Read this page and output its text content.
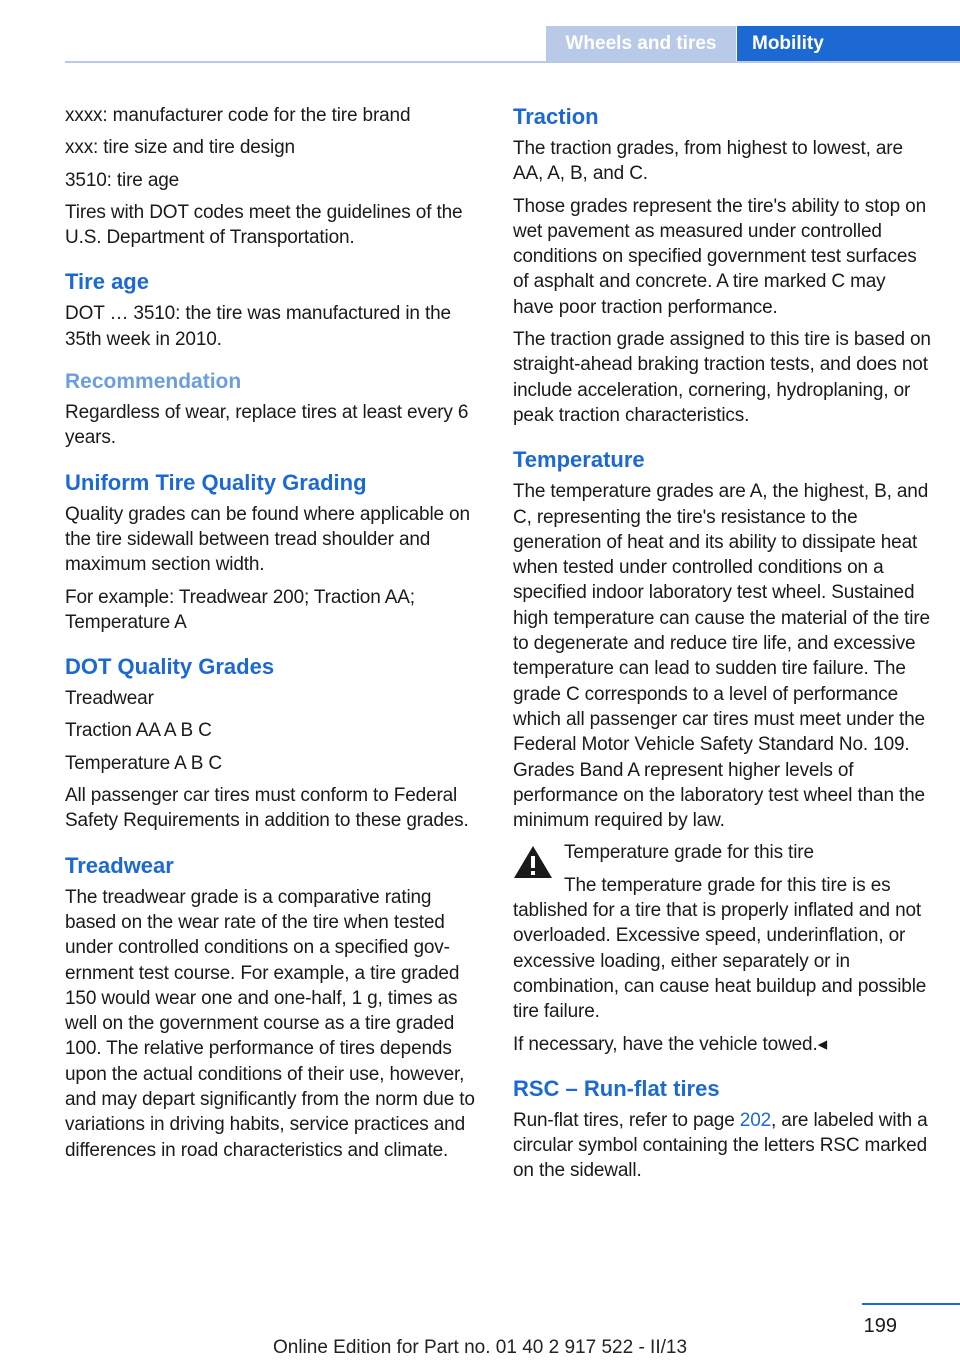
Wheels and tires	Mobility

xxxx: manufacturer code for the tire brand

xxx: tire size and tire design

3510: tire age

Tires with DOT codes meet the guidelines of the U.S. Department of Transportation.

Tire age

DOT … 3510: the tire was manufactured in the 35th week in 2010.

Recommendation

Regardless of wear, replace tires at least every 6 years.

Uniform Tire Quality Grading

Quality grades can be found where applicable on the tire sidewall between tread shoulder and maximum section width.

For example: Treadwear 200; Traction AA; Temperature A

DOT Quality Grades

Treadwear

Traction AA A B C

Temperature A B C

All passenger car tires must conform to Federal Safety Requirements in addition to these grades.

Treadwear

The treadwear grade is a comparative rating based on the wear rate of the tire when tested under controlled conditions on a specified government test course. For example, a tire graded 150 would wear one and one-half, 1 g, times as well on the government course as a tire graded 100. The relative performance of tires depends upon the actual conditions of their use, however, and may depart significantly from the norm due to variations in driving habits, service practices and differences in road characteristics and climate.

Traction

The traction grades, from highest to lowest, are AA, A, B, and C.

Those grades represent the tire's ability to stop on wet pavement as measured under controlled conditions on specified government test surfaces of asphalt and concrete. A tire marked C may have poor traction performance.

The traction grade assigned to this tire is based on straight-ahead braking traction tests, and does not include acceleration, cornering, hydroplaning, or peak traction characteristics.

Temperature

The temperature grades are A, the highest, B, and C, representing the tire's resistance to the generation of heat and its ability to dissipate heat when tested under controlled conditions on a specified indoor laboratory test wheel. Sustained high temperature can cause the material of the tire to degenerate and reduce tire life, and excessive temperature can lead to sudden tire failure. The grade C corresponds to a level of performance which all passenger car tires must meet under the Federal Motor Vehicle Safety Standard No. 109. Grades Band A represent higher levels of performance on the laboratory test wheel than the minimum required by law.

Temperature grade for this tire

The temperature grade for this tire is es

tablished for a tire that is properly inflated and not overloaded. Excessive speed, underinflation, or excessive loading, either separately or in combination, can cause heat buildup and possible tire failure.

If necessary, have the vehicle towed.◂

RSC – Run-flat tires

Run-flat tires, refer to page 202, are labeled with a circular symbol containing the letters RSC marked on the sidewall.

199
Online Edition for Part no. 01 40 2 917 522 - II/13
